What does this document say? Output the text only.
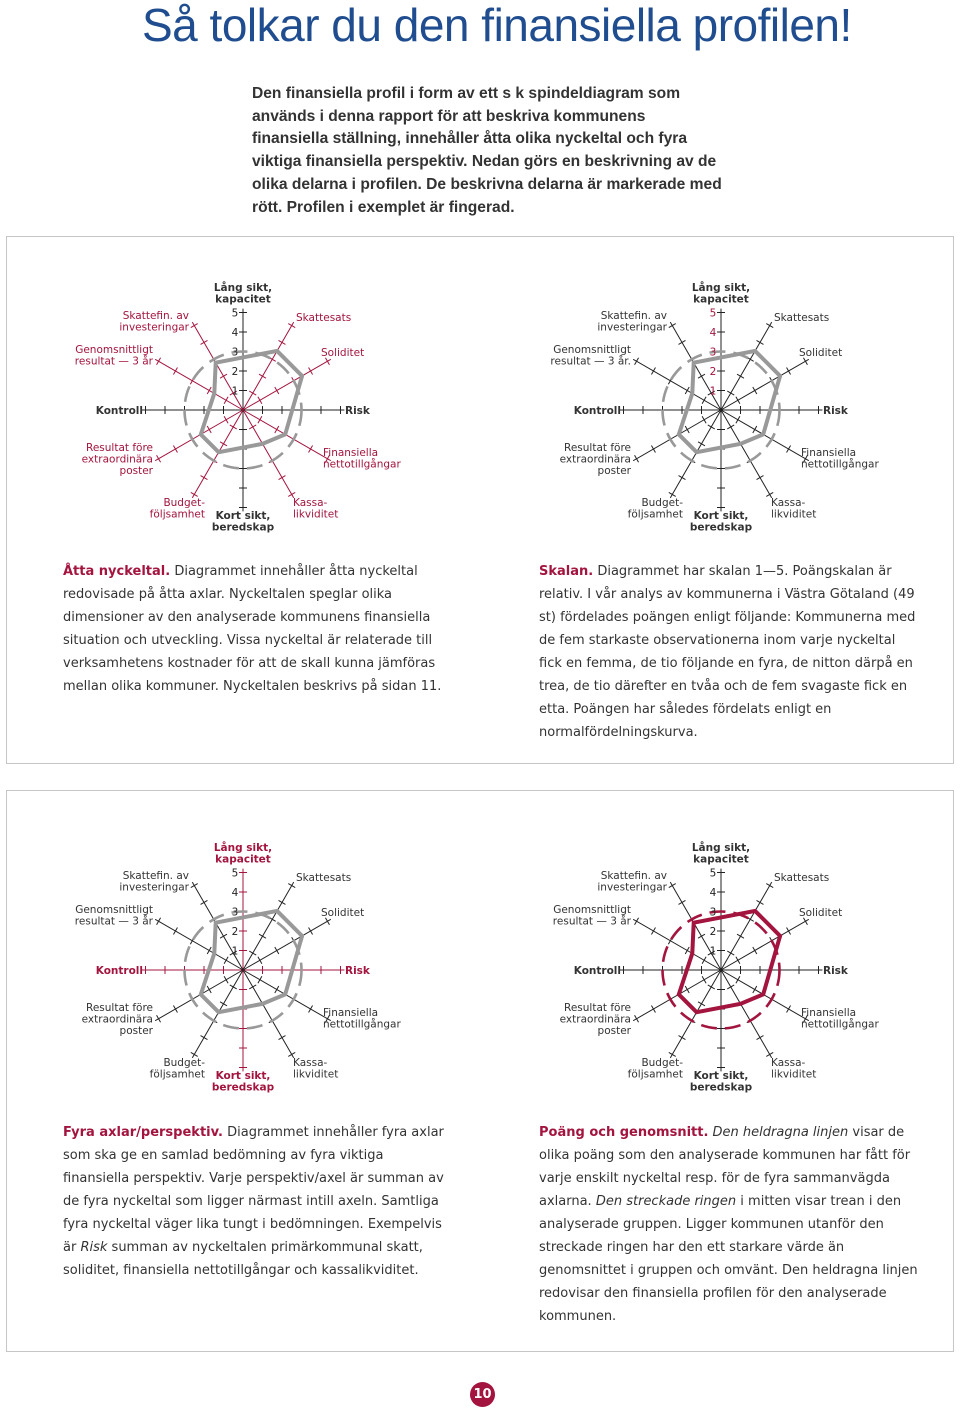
Så tolkar du den finansiella profilen!

Den finansiella profil i form av ett s k spindeldiagram som används i denna rapport för att beskriva kommunens finansiella ställning, innehåller åtta olika nyckeltal och fyra viktiga finansiella perspektiv. Nedan görs en beskrivning av de olika delarna i profilen. De beskrivna delarna är markerade med rött. Profilen i exemplet är fingerad.

1
2
3
4
5
Lång sikt, kapacitet
Skattesats
Soliditet
Risk
Finansiella nettotillgångar
Kassa-likviditet
Kort sikt, beredskap
Budget-följsamhet
Resultat före extraordinära poster
Kontroll
Genomsnittligt resultat — 3 år
Skattefin. av investeringar
1
2
3
4
5
Lång sikt, kapacitet
Skattesats
Soliditet
Risk
Finansiella nettotillgångar
Kassa-likviditet
Kort sikt, beredskap
Budget-följsamhet
Resultat före extraordinära poster
Kontroll
Genomsnittligt resultat — 3 år.
Skattefin. av investeringar
1
2
3
4
5
Lång sikt, kapacitet
Skattesats
Soliditet
Risk
Finansiella nettotillgångar
Kassa-likviditet
Kort sikt, beredskap
Budget-följsamhet
Resultat före extraordinära poster
Kontroll
Genomsnittligt resultat — 3 år
Skattefin. av investeringar
1
2
3
4
5
Lång sikt, kapacitet
Skattesats
Soliditet
Risk
Finansiella nettotillgångar
Kassa-likviditet
Kort sikt, beredskap
Budget-följsamhet
Resultat före extraordinära poster
Kontroll
Genomsnittligt resultat — 3 år
Skattefin. av investeringar

Åtta nyckeltal. Diagrammet innehåller åtta nyckeltal redovisade på åtta axlar. Nyckeltalen speglar olika dimensioner av den analyserade kommunens finansiella situation och utveckling. Vissa nyckeltal är relaterade till verksamhetens kostnader för att de skall kunna jämföras mellan olika kommuner. Nyckeltalen beskrivs på sidan 11.

Skalan. Diagrammet har skalan 1—5. Poängskalan är relativ. I vår analys av kommunerna i Västra Götaland (49 st) fördelades poängen enligt följande: Kommunerna med de fem starkaste observationerna inom varje nyckeltal fick en femma, de tio följande en fyra, de nitton därpå en trea, de tio därefter en tvåa och de fem svagaste fick en etta. Poängen har således fördelats enligt en normalfördelningskurva.

Fyra axlar/perspektiv. Diagrammet innehåller fyra axlar som ska ge en samlad bedömning av fyra viktiga finansiella perspektiv. Varje perspektiv/axel är summan av de fyra nyckeltal som ligger närmast intill axeln. Samtliga fyra nyckeltal väger lika tungt i bedömningen. Exempelvis är Risk summan av nyckeltalen primärkommunal skatt, soliditet, finansiella nettotillgångar och kassalikviditet.

Poäng och genomsnitt. Den heldragna linjen visar de olika poäng som den analyserade kommunen har fått för varje enskilt nyckeltal resp. för de fyra sammanvägda axlarna. Den streckade ringen i mitten visar trean i den analyserade gruppen. Ligger kommunen utanför den streckade ringen har den ett starkare värde än genomsnittet i gruppen och omvänt. Den heldragna linjen redovisar den finansiella profilen för den analyserade kommunen.

10
